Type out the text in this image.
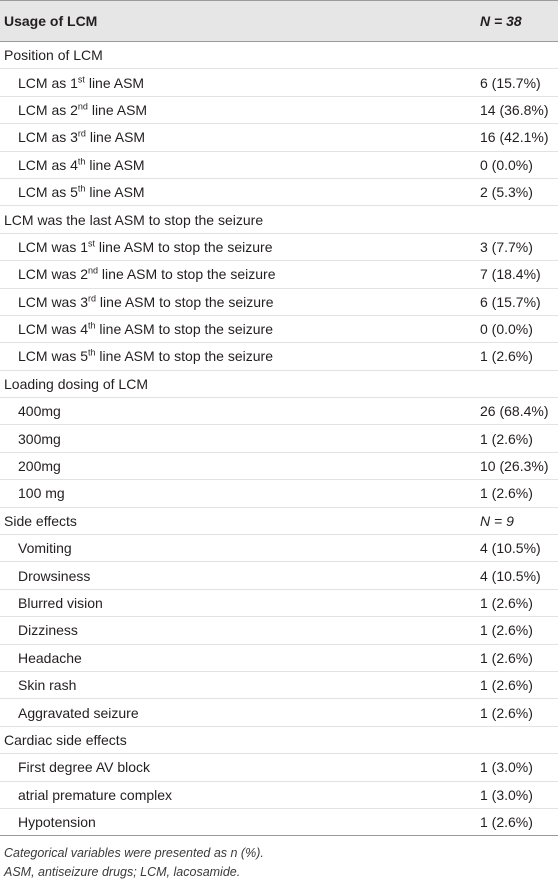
Usage of LCM	N = 38
Position of LCM
LCM as 1st line ASM	6 (15.7%)
LCM as 2nd line ASM	14 (36.8%)
LCM as 3rd line ASM	16 (42.1%)
LCM as 4th line ASM	0 (0.0%)
LCM as 5th line ASM	2 (5.3%)
LCM was the last ASM to stop the seizure
LCM was 1st line ASM to stop the seizure	3 (7.7%)
LCM was 2nd line ASM to stop the seizure	7 (18.4%)
LCM was 3rd line ASM to stop the seizure	6 (15.7%)
LCM was 4th line ASM to stop the seizure	0 (0.0%)
LCM was 5th line ASM to stop the seizure	1 (2.6%)
Loading dosing of LCM
400mg	26 (68.4%)
300mg	1 (2.6%)
200mg	10 (26.3%)
100 mg	1 (2.6%)
Side effects	N = 9
Vomiting	4 (10.5%)
Drowsiness	4 (10.5%)
Blurred vision	1 (2.6%)
Dizziness	1 (2.6%)
Headache	1 (2.6%)
Skin rash	1 (2.6%)
Aggravated seizure	1 (2.6%)
Cardiac side effects
First degree AV block	1 (3.0%)
atrial premature complex	1 (3.0%)
Hypotension	1 (2.6%)
Categorical variables were presented as n (%).
ASM, antiseizure drugs; LCM, lacosamide.
